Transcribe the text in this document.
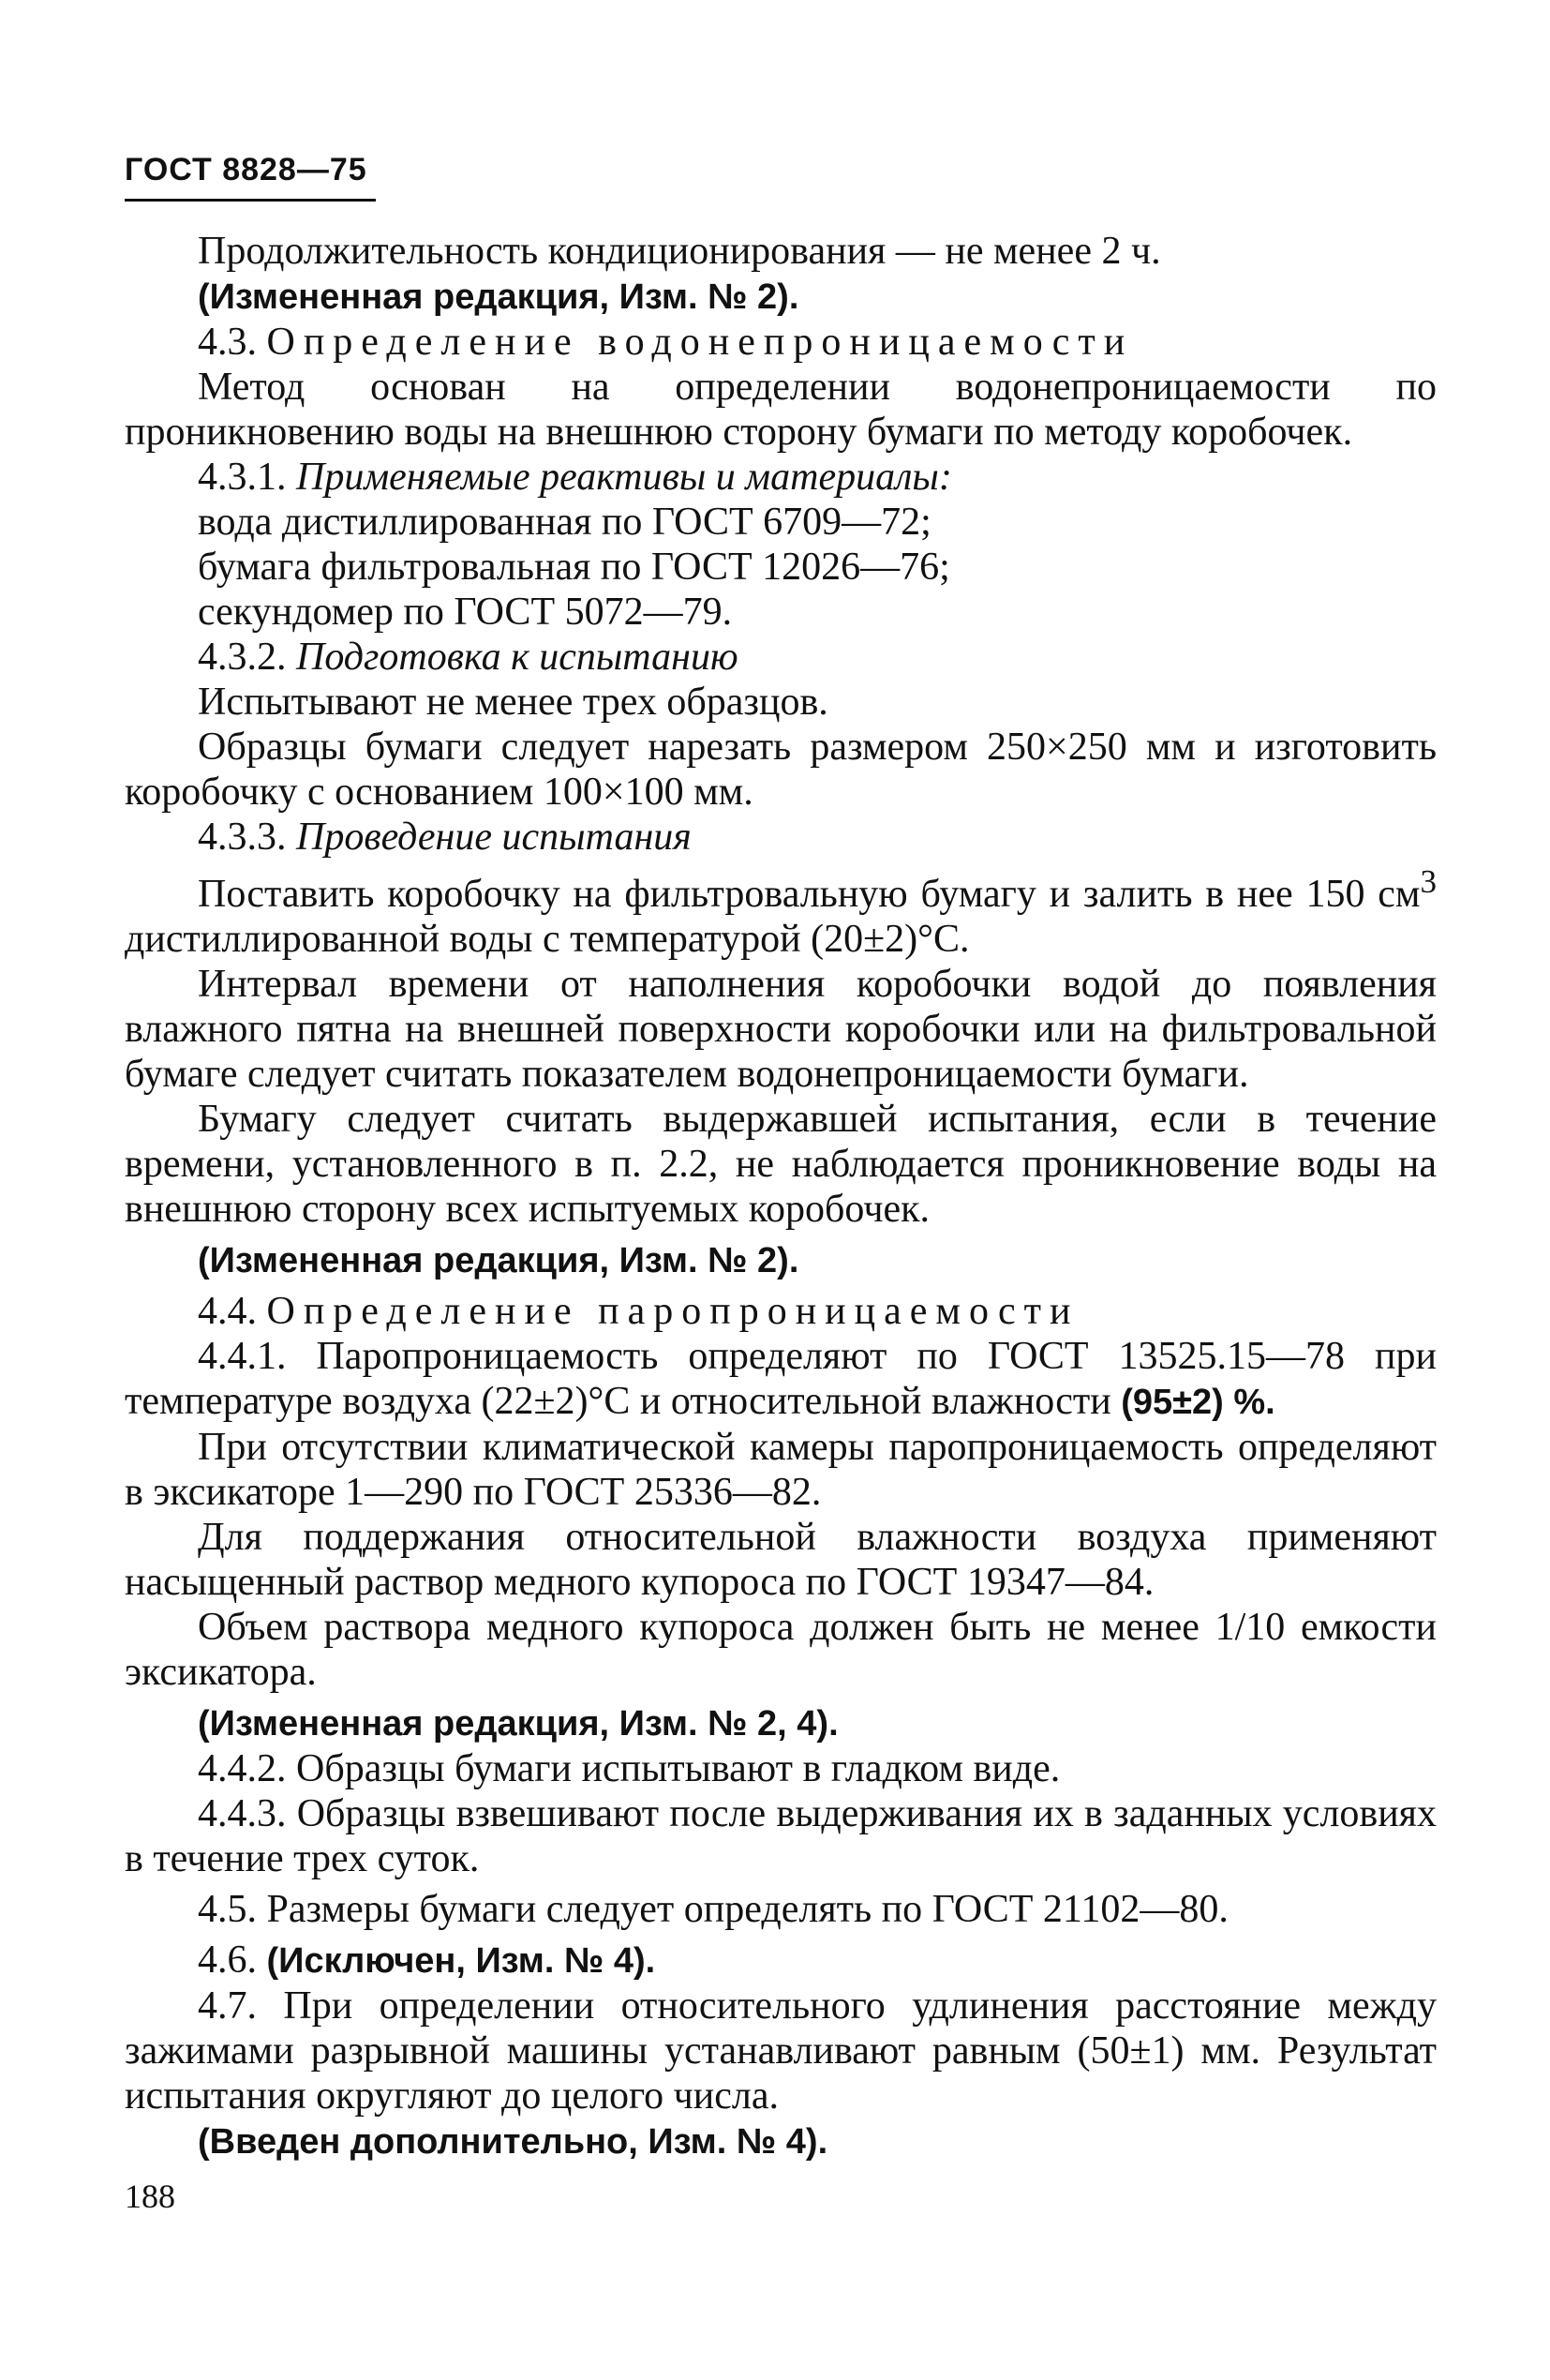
ГОСТ 8828—75

Продолжительность кондиционирования — не менее 2 ч.

(Измененная редакция, Изм. № 2).

4.3. Определение водонепроницаемости

Метод основан на определении водонепроницаемости по проникновению воды на внешнюю сторону бумаги по методу коробочек.

4.3.1. Применяемые реактивы и материалы:

вода дистиллированная по ГОСТ 6709—72;
бумага фильтровальная по ГОСТ 12026—76;
секундомер по ГОСТ 5072—79.

4.3.2. Подготовка к испытанию

Испытывают не менее трех образцов.

Образцы бумаги следует нарезать размером 250×250 мм и изготовить коробочку с основанием 100×100 мм.

4.3.3. Проведение испытания

Поставить коробочку на фильтровальную бумагу и залить в нее 150 $см^3$ дистиллированной воды с температурой (20±2)°С.

Интервал времени от наполнения коробочки водой до появления влажного пятна на внешней поверхности коробочки или на фильтровальной бумаге следует считать показателем водонепроницаемости бумаги.

Бумагу следует считать выдержавшей испытания, если в течение времени, установленного в п. 2.2, не наблюдается проникновение воды на внешнюю сторону всех испытуемых коробочек.

(Измененная редакция, Изм. № 2).

4.4. Определение паропроницаемости

4.4.1. Паропроницаемость определяют по ГОСТ 13525.15—78 при температуре воздуха (22±2)°С и относительной влажности (95±2) %.

При отсутствии климатической камеры паропроницаемость определяют в эксикаторе 1—290 по ГОСТ 25336—82.

Для поддержания относительной влажности воздуха применяют насыщенный раствор медного купороса по ГОСТ 19347—84.

Объем раствора медного купороса должен быть не менее 1/10 емкости эксикатора.

(Измененная редакция, Изм. № 2, 4).

4.4.2. Образцы бумаги испытывают в гладком виде.

4.4.3. Образцы взвешивают после выдерживания их в заданных условиях в течение трех суток.

4.5. Размеры бумаги следует определять по ГОСТ 21102—80.

4.6. (Исключен, Изм. № 4).

4.7. При определении относительного удлинения расстояние между зажимами разрывной машины устанавливают равным (50±1) мм. Результат испытания округляют до целого числа.

(Введен дополнительно, Изм. № 4).

188
